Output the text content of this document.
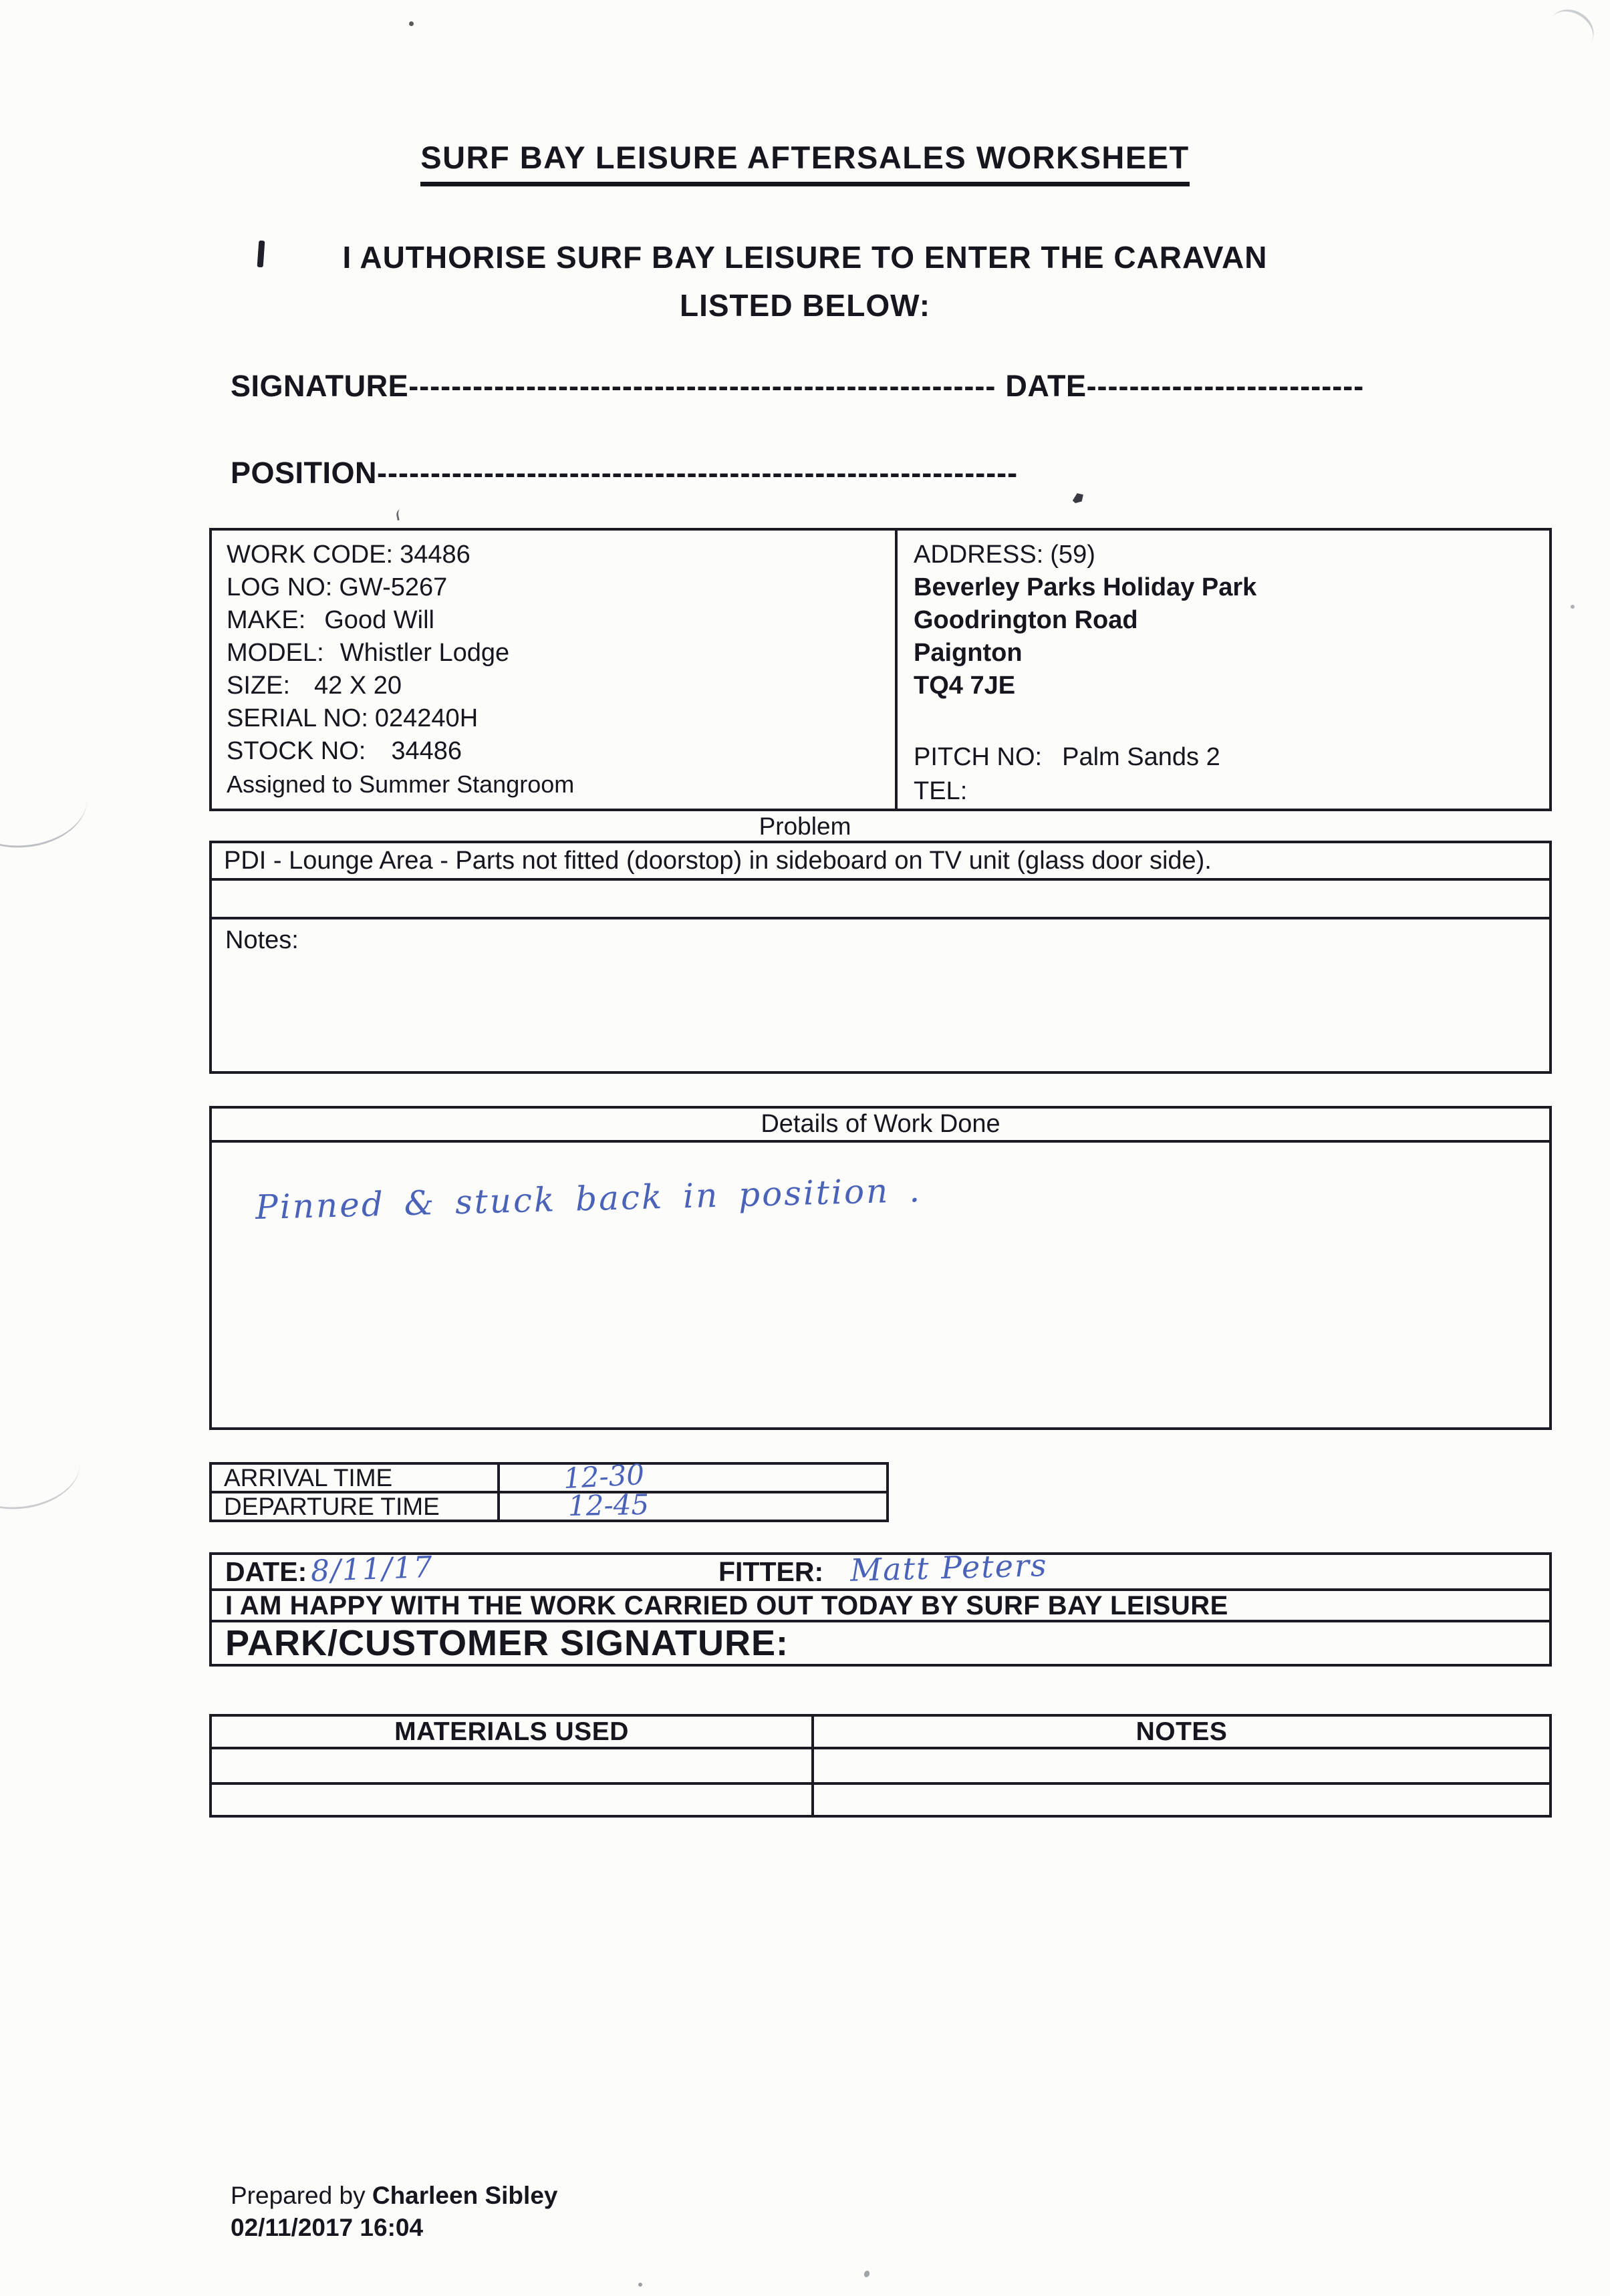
SURF BAY LEISURE AFTERSALES WORKSHEET
I AUTHORISE SURF BAY LEISURE TO ENTER THE CARAVAN
LISTED BELOW:
SIGNATURE------------------------------------------------------- DATE--------------------------
POSITION------------------------------------------------------------
WORK CODE: 34486
LOG NO: GW-5267
MAKE: Good Will
MODEL: Whistler Lodge
SIZE: 42 X 20
SERIAL NO: 024240H
STOCK NO: 34486
Assigned to Summer Stangroom
ADDRESS: (59)
Beverley Parks Holiday Park
Goodrington Road
Paignton
TQ4 7JE
PITCH NO: Palm Sands 2
TEL:
Problem
PDI - Lounge Area - Parts not fitted (doorstop) in sideboard on TV unit (glass door side).
Notes:
Details of Work Done
Pinned & stuck back in position .
ARRIVAL TIME	12-30
DEPARTURE TIME	12-45
DATE: 8/11/17	FITTER: Matt Peters
I AM HAPPY WITH THE WORK CARRIED OUT TODAY BY SURF BAY LEISURE
PARK/CUSTOMER SIGNATURE:
MATERIALS USED	NOTES
Prepared by Charleen Sibley
02/11/2017 16:04
